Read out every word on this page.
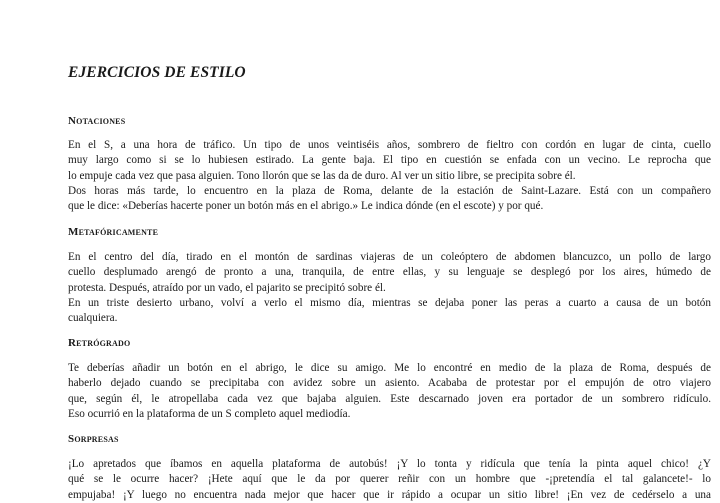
EJERCICIOS DE ESTILO
Notaciones
En el S, a una hora de tráfico. Un tipo de unos veintiséis años, sombrero de fieltro con cordón en lugar de cinta, cuello
muy largo como si se lo hubiesen estirado. La gente baja. El tipo en cuestión se enfada con un vecino. Le reprocha que
lo empuje cada vez que pasa alguien. Tono llorón que se las da de duro. Al ver un sitio libre, se precipita sobre él.
Dos horas más tarde, lo encuentro en la plaza de Roma, delante de la estación de Saint-Lazare. Está con un compañero
que le dice: «Deberías hacerte poner un botón más en el abrigo.» Le indica dónde (en el escote) y por qué.
Metafóricamente
En el centro del día, tirado en el montón de sardinas viajeras de un coleóptero de abdomen blancuzco, un pollo de largo
cuello desplumado arengó de pronto a una, tranquila, de entre ellas, y su lenguaje se desplegó por los aires, húmedo de
protesta. Después, atraído por un vado, el pajarito se precipitó sobre él.
En un triste desierto urbano, volví a verlo el mismo día, mientras se dejaba poner las peras a cuarto a causa de un botón
cualquiera.
Retrógrado
Te deberías añadir un botón en el abrigo, le dice su amigo. Me lo encontré en medio de la plaza de Roma, después de
haberlo dejado cuando se precipitaba con avidez sobre un asiento. Acababa de protestar por el empujón de otro viajero
que, según él, le atropellaba cada vez que bajaba alguien. Este descarnado joven era portador de un sombrero ridículo.
Eso ocurrió en la plataforma de un S completo aquel mediodía.
Sorpresas
¡Lo apretados que íbamos en aquella plataforma de autobús! ¡Y lo tonta y ridícula que tenía la pinta aquel chico! ¿Y
qué se le ocurre hacer? ¡Hete aquí que le da por querer reñir con un hombre que -¡pretendía el tal galancete!- lo
empujaba! ¡Y luego no encuentra nada mejor que hacer que ir rápido a ocupar un sitio libre! ¡En vez de cedérselo a una
